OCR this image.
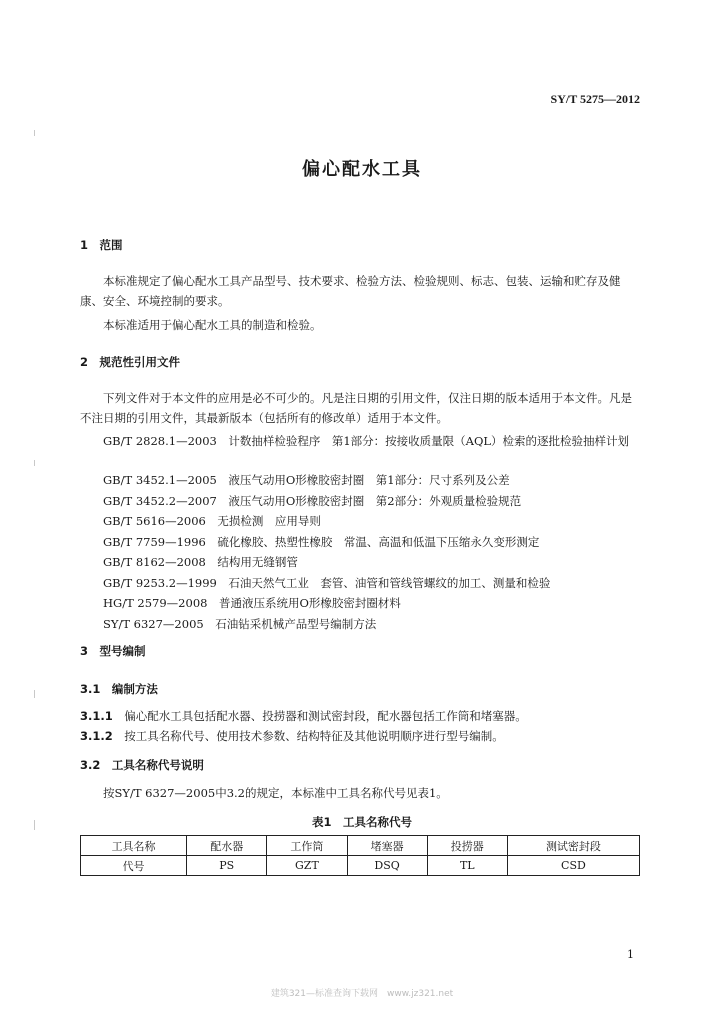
SY/T 5275—2012
偏心配水工具
1　范围
本标准规定了偏心配水工具产品型号、技术要求、检验方法、检验规则、标志、包装、运输和贮存及健康、安全、环境控制的要求。
本标准适用于偏心配水工具的制造和检验。
2　规范性引用文件
下列文件对于本文件的应用是必不可少的。凡是注日期的引用文件，仅注日期的版本适用于本文件。凡是不注日期的引用文件，其最新版本（包括所有的修改单）适用于本文件。
GB/T 2828.1—2003　计数抽样检验程序　第1部分：按接收质量限（AQL）检索的逐批检验抽样计划
GB/T 3452.1—2005　 液压气动用O形橡胶密封圈　第1部分：尺寸系列及公差
GB/T 3452.2—2007　 液压气动用O形橡胶密封圈　第2部分：外观质量检验规范
GB/T 5616—2006　 无损检测　应用导则
GB/T 7759—1996　 硫化橡胶、热塑性橡胶　常温、高温和低温下压缩永久变形测定
GB/T 8162—2008　 结构用无缝钢管
GB/T 9253.2—1999　 石油天然气工业　套管、油管和管线管螺纹的加工、测量和检验
HG/T 2579—2008　 普通液压系统用O形橡胶密封圈材料
SY/T 6327—2005　 石油钻采机械产品型号编制方法
3　型号编制
3.1　编制方法
3.1.1　 偏心配水工具包括配水器、投捞器和测试密封段，配水器包括工作筒和堵塞器。
3.1.2　 按工具名称代号、使用技术参数、结构特征及其他说明顺序进行型号编制。
3.2　工具名称代号说明
按SY/T 6327—2005中3.2的规定，本标准中工具名称代号见表1。
表1　工具名称代号
工具名称	配水器	工作筒	堵塞器	投捞器	测试密封段
代号	PS	GZT	DSQ	TL	CSD
1
建筑321—标准查询下载网　www.jz321.net
